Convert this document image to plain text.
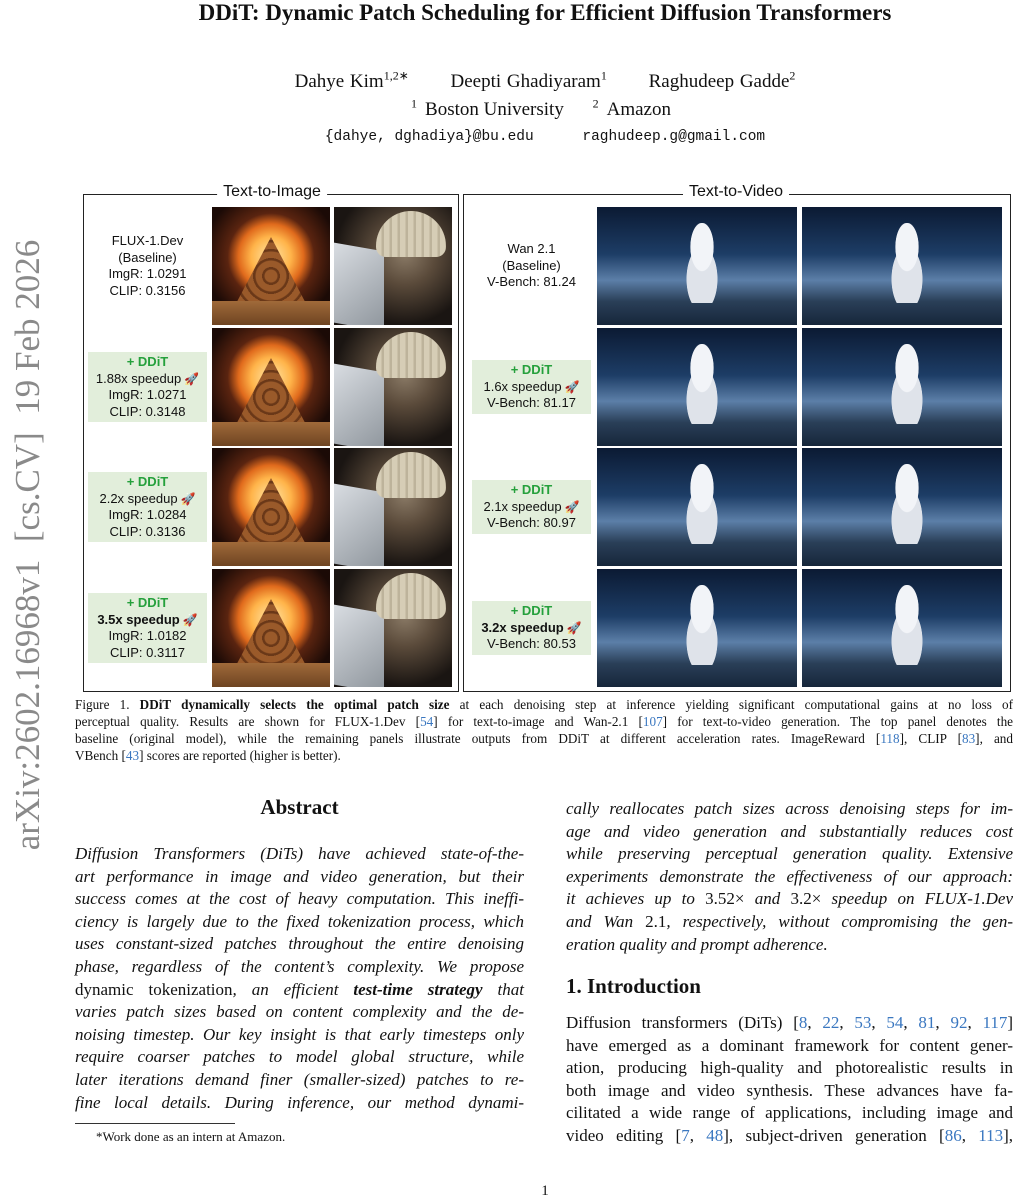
arXiv:2602.16968v1  [cs.CV]  19 Feb 2026
DDiT: Dynamic Patch Scheduling for Efficient Diffusion Transformers
Dahye Kim$^{1,2∗}$ Deepti Ghadiyaram$^1$ Raghudeep Gadde$^2$
$^1$ Boston University $^2$ Amazon
{dahye, dghadiya}@bu.edu	raghudeep.g@gmail.com
Text-to-Image	Text-to-Video
FLUX-1.Dev
(Baseline)
ImgR: 1.0291
CLIP: 0.3156
+ DDiT
1.88x speedup 🚀
ImgR: 1.0271
CLIP: 0.3148
+ DDiT
2.2x speedup 🚀
ImgR: 1.0284
CLIP: 0.3136
+ DDiT
3.5x speedup 🚀
ImgR: 1.0182
CLIP: 0.3117
Wan 2.1
(Baseline)
V-Bench: 81.24
+ DDiT
1.6x speedup 🚀
V-Bench: 81.17
+ DDiT
2.1x speedup 🚀
V-Bench: 80.97
+ DDiT
3.2x speedup 🚀
V-Bench: 80.53
Figure 1. DDiT dynamically selects the optimal patch size at each denoising step at inference yielding significant computational gains at no loss of
perceptual quality. Results are shown for FLUX-1.Dev [54] for text-to-image and Wan-2.1 [107] for text-to-video generation. The top panel denotes the
baseline (original model), while the remaining panels illustrate outputs from DDiT at different acceleration rates. ImageReward [118], CLIP [83], and
VBench [43] scores are reported (higher is better).
Abstract
Diffusion Transformers (DiTs) have achieved state-of-the-
art performance in image and video generation, but their
success comes at the cost of heavy computation. This ineffi-
ciency is largely due to the fixed tokenization process, which
uses constant-sized patches throughout the entire denoising
phase, regardless of the content’s complexity. We propose
dynamic tokenization, an efficient test-time strategy that
varies patch sizes based on content complexity and the de-
noising timestep. Our key insight is that early timesteps only
require coarser patches to model global structure, while
later iterations demand finer (smaller-sized) patches to re-
fine local details. During inference, our method dynami-
cally reallocates patch sizes across denoising steps for im-
age and video generation and substantially reduces cost
while preserving perceptual generation quality. Extensive
experiments demonstrate the effectiveness of our approach:
it achieves up to 3.52× and 3.2× speedup on FLUX-1.Dev
and Wan 2.1, respectively, without compromising the gen-
eration quality and prompt adherence.
1. Introduction
Diffusion transformers (DiTs) [8, 22, 53, 54, 81, 92, 117]
have emerged as a dominant framework for content gener-
ation, producing high-quality and photorealistic results in
both image and video synthesis. These advances have fa-
cilitated a wide range of applications, including image and
video editing [7, 48], subject-driven generation [86, 113],
*Work done as an intern at Amazon.
1
